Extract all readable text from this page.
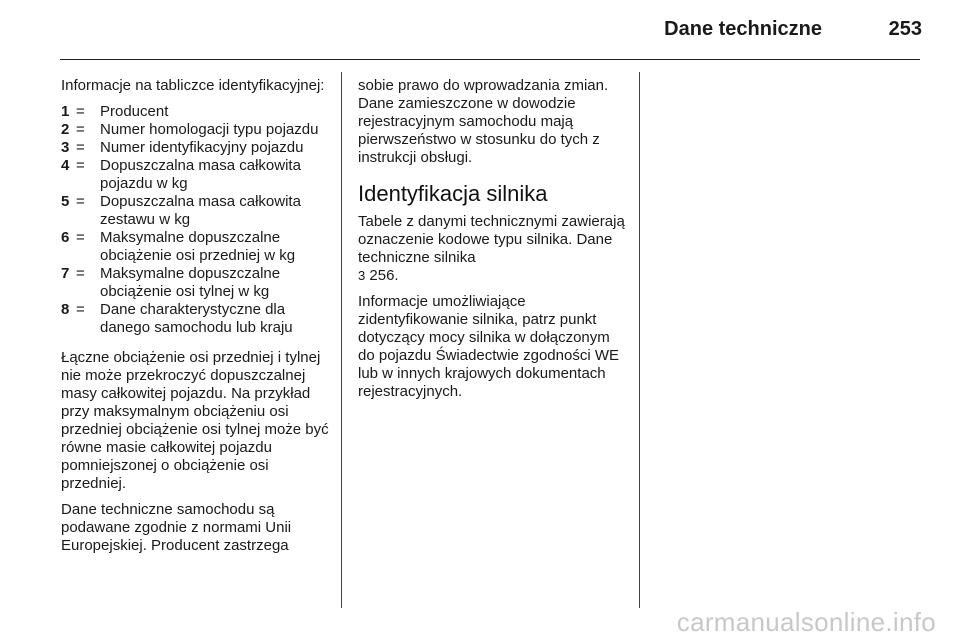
Dane techniczne	253

Informacje na tabliczce identyfikacyjnej:

1 =	Producent
2 =	Numer homologacji typu pojazdu
3 =	Numer identyfikacyjny pojazdu
4 =	Dopuszczalna masa całkowita pojazdu w kg
5 =	Dopuszczalna masa całkowita zestawu w kg
6 =	Maksymalne dopuszczalne obciążenie osi przedniej w kg
7 =	Maksymalne dopuszczalne obciążenie osi tylnej w kg
8 =	Dane charakterystyczne dla danego samochodu lub kraju

Łączne obciążenie osi przedniej i tylnej nie może przekroczyć dopuszczalnej masy całkowitej pojazdu. Na przykład przy maksymalnym obciążeniu osi przedniej obciążenie osi tylnej może być równe masie całkowitej pojazdu pomniejszonej o obciążenie osi przedniej.

Dane techniczne samochodu są podawane zgodnie z normami Unii Europejskiej. Producent zastrzega

sobie prawo do wprowadzania zmian. Dane zamieszczone w dowodzie rejestracyjnym samochodu mają pierwszeństwo w stosunku do tych z instrukcji obsługi.

Identyfikacja silnika

Tabele z danymi technicznymi zawierają oznaczenie kodowe typu silnika. Dane techniczne silnika
3 256.

Informacje umożliwiające zidentyfikowanie silnika, patrz punkt dotyczący mocy silnika w dołączonym do pojazdu Świadectwie zgodności WE lub w innych krajowych dokumentach rejestracyjnych.

carmanualsonline.info
